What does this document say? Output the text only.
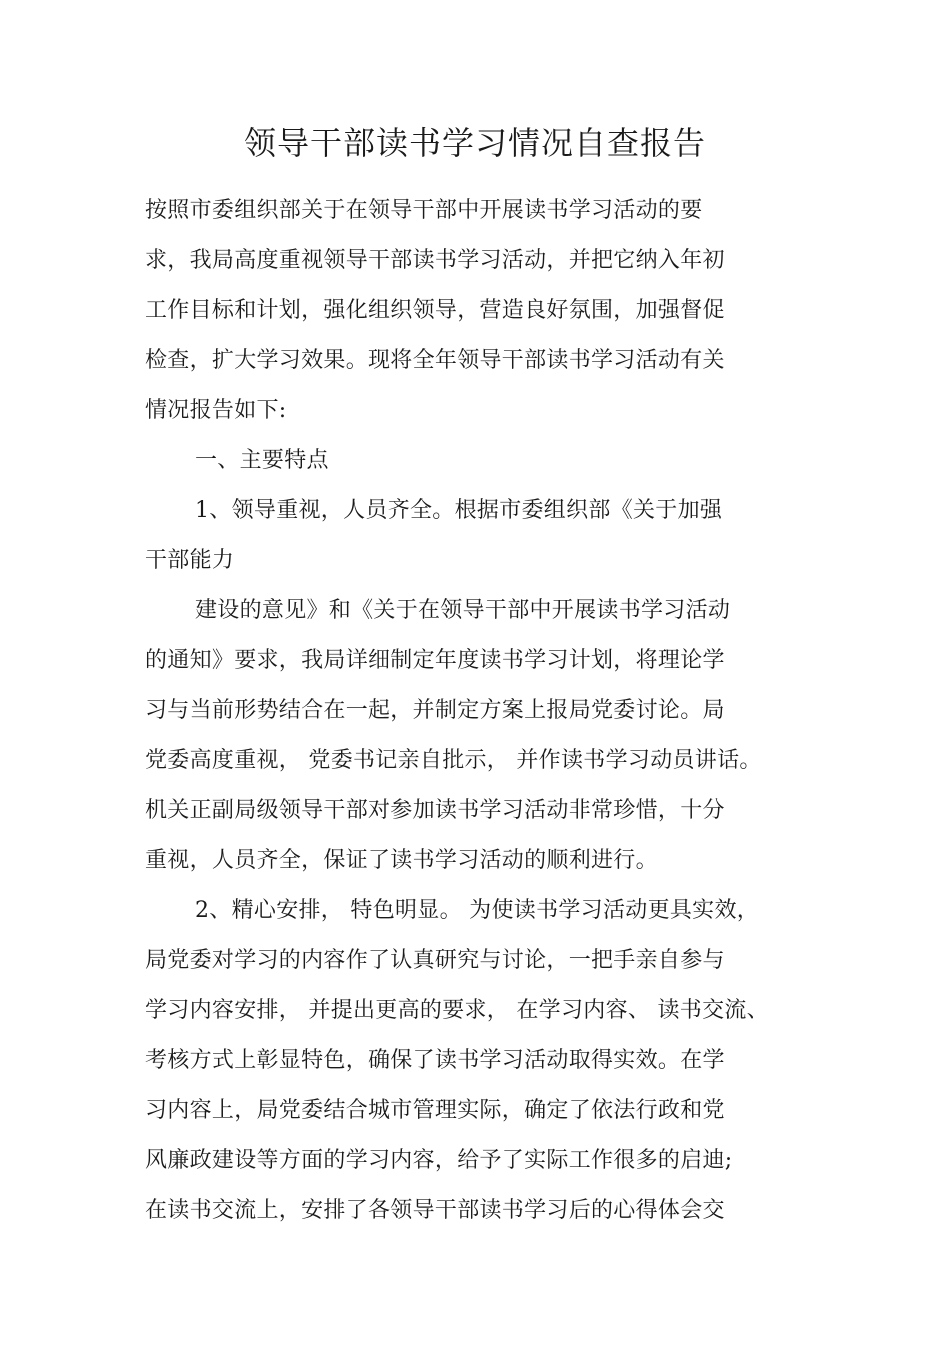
领导干部读书学习情况自查报告
按照市委组织部关于在领导干部中开展读书学习活动的要
求，我局高度重视领导干部读书学习活动，并把它纳入年初
工作目标和计划，强化组织领导，营造良好氛围，加强督促
检查，扩大学习效果。现将全年领导干部读书学习活动有关
情况报告如下:
一、主要特点
1、领导重视，人员齐全。根据市委组织部《关于加强
干部能力
建设的意见》和《关于在领导干部中开展读书学习活动
的通知》要求，我局详细制定年度读书学习计划，将理论学
习与当前形势结合在一起，并制定方案上报局党委讨论。局
党委高度重视， 党委书记亲自批示， 并作读书学习动员讲话。
机关正副局级领导干部对参加读书学习活动非常珍惜，十分
重视，人员齐全，保证了读书学习活动的顺利进行。
2、精心安排， 特色明显。 为使读书学习活动更具实效，
局党委对学习的内容作了认真研究与讨论，一把手亲自参与
学习内容安排， 并提出更高的要求， 在学习内容、 读书交流、
考核方式上彰显特色，确保了读书学习活动取得实效。在学
习内容上，局党委结合城市管理实际，确定了依法行政和党
风廉政建设等方面的学习内容，给予了实际工作很多的启迪;
在读书交流上，安排了各领导干部读书学习后的心得体会交
